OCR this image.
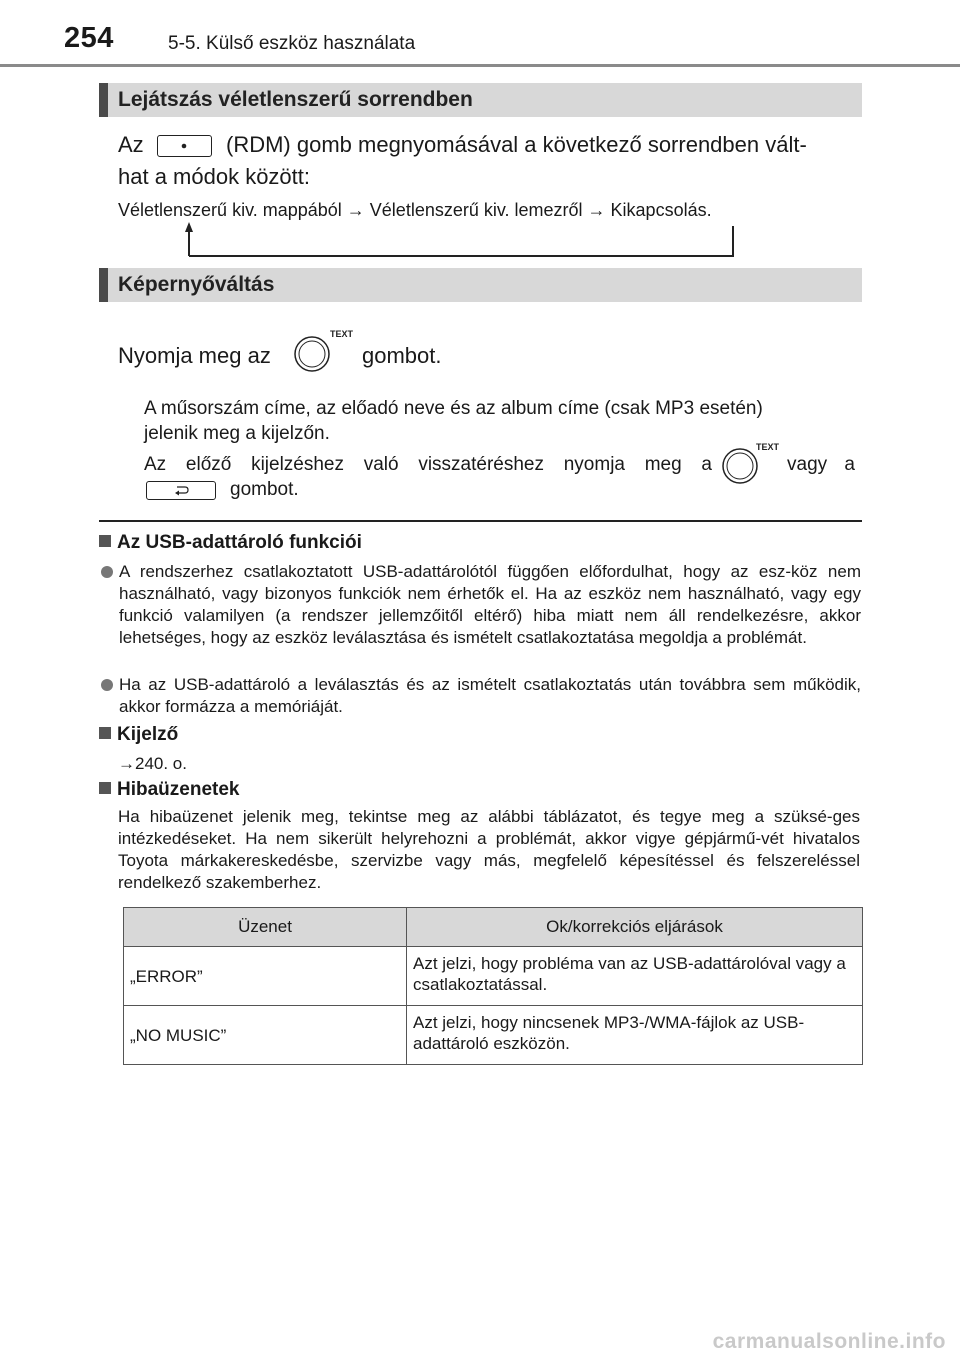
254	5-5. Külső eszköz használata
Lejátszás véletlenszerű sorrendben
Az	(RDM) gomb megnyomásával a következő sorrendben vált-
hat a módok között:
Véletlenszerű kiv. mappából → Véletlenszerű kiv. lemezről → Kikapcsolás.
Képernyőváltás
Nyomja meg az
TEXT
gombot.
A műsorszám címe, az előadó neve és az album címe (csak MP3 esetén)
jelenik meg a kijelzőn.
Az előző kijelzéshez való visszatéréshez nyomja meg a
TEXT
vagy a
gombot.
Az USB-adattároló funkciói
A rendszerhez csatlakoztatott USB-adattárolótól függően előfordulhat, hogy az esz-köz nem használható, vagy bizonyos funkciók nem érhetők el. Ha az eszköz nem használható, vagy egy funkció valamilyen (a rendszer jellemzőitől eltérő) hiba miatt nem áll rendelkezésre, akkor lehetséges, hogy az eszköz leválasztása és ismételt csatlakoztatása megoldja a problémát.
Ha az USB-adattároló a leválasztás és az ismételt csatlakoztatás után továbbra sem működik, akkor formázza a memóriáját.
Kijelző
→240. o.
Hibaüzenetek
Ha hibaüzenet jelenik meg, tekintse meg az alábbi táblázatot, és tegye meg a szüksé-ges intézkedéseket. Ha nem sikerült helyrehozni a problémát, akkor vigye gépjármű-vét hivatalos Toyota márkakereskedésbe, szervizbe vagy más, megfelelő képesítéssel és felszereléssel rendelkező szakemberhez.
Üzenet	Ok/korrekciós eljárások
„ERROR”	Azt jelzi, hogy probléma van az USB-adattárolóval vagy a csatlakoztatással.
„NO MUSIC”	Azt jelzi, hogy nincsenek MP3-/WMA-fájlok az USB-adattároló eszközön.
carmanualsonline.info
